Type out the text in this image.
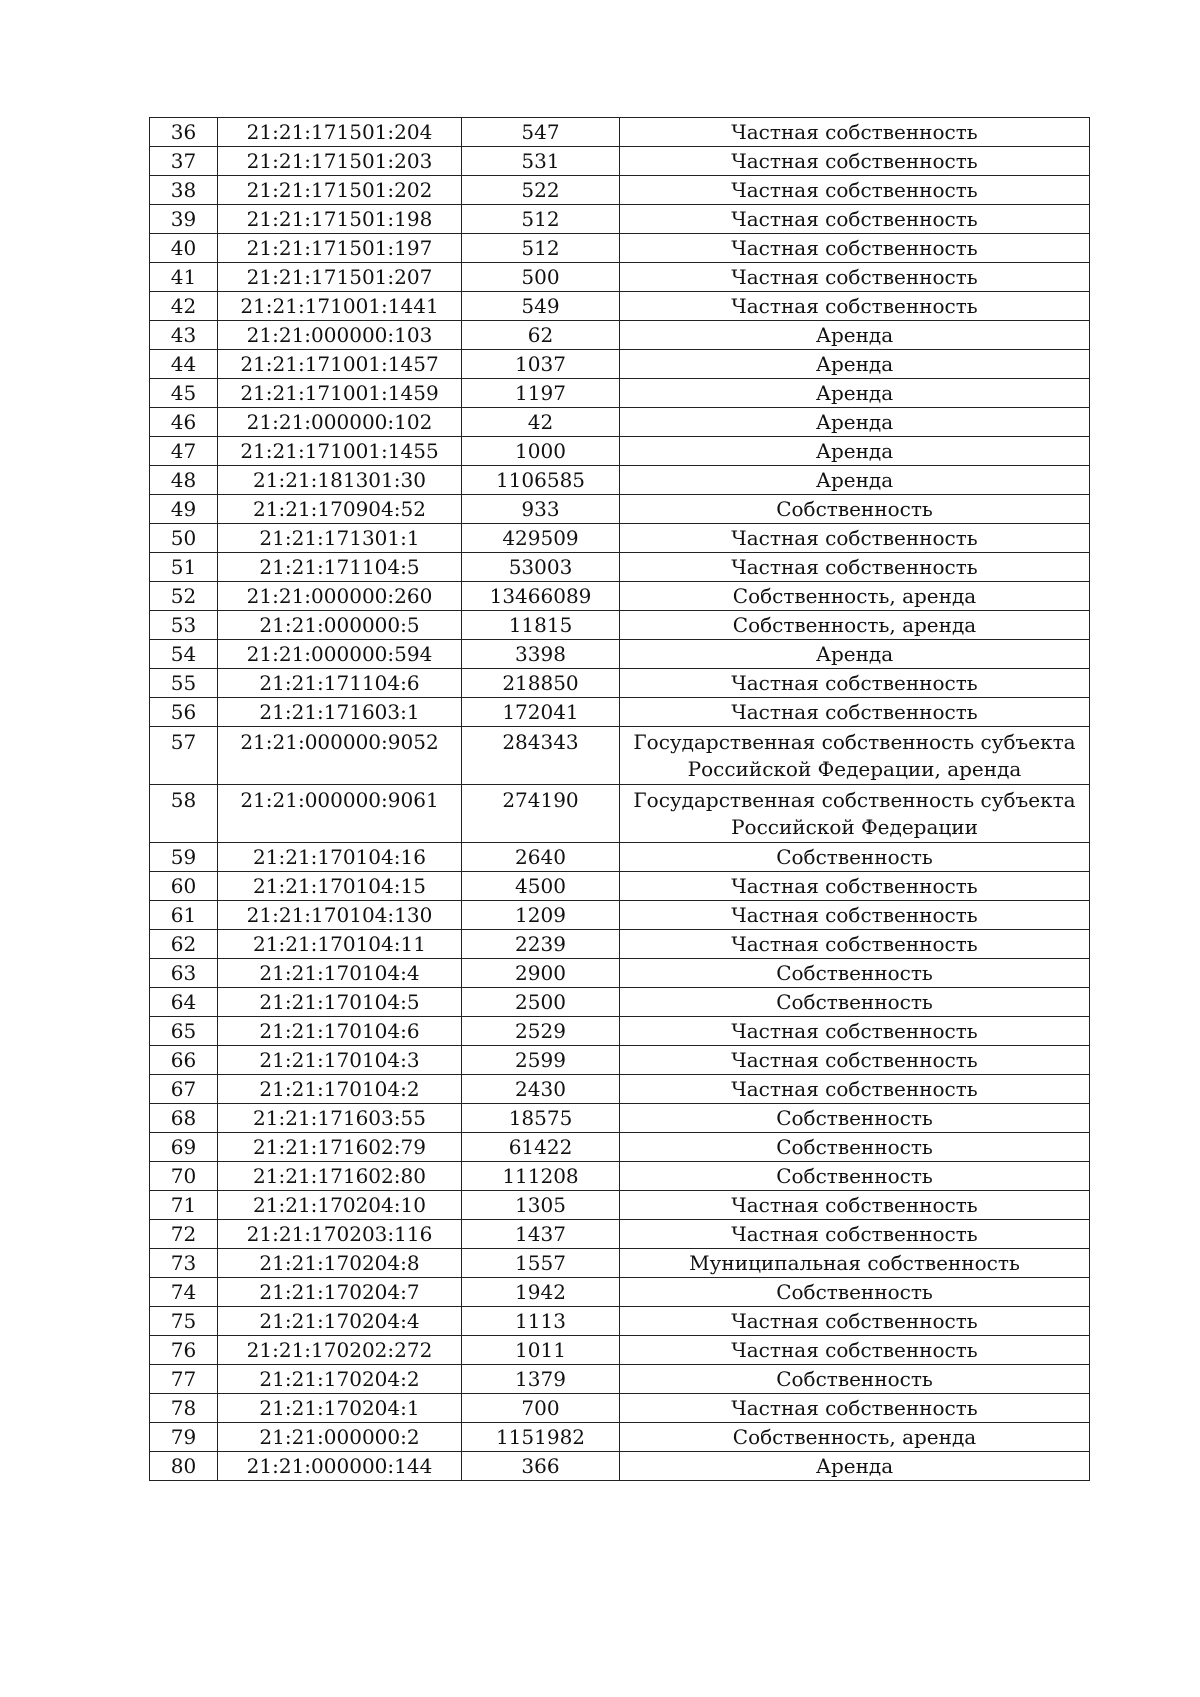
36	21:21:171501:204	547	Частная собственность
37	21:21:171501:203	531	Частная собственность
38	21:21:171501:202	522	Частная собственность
39	21:21:171501:198	512	Частная собственность
40	21:21:171501:197	512	Частная собственность
41	21:21:171501:207	500	Частная собственность
42	21:21:171001:1441	549	Частная собственность
43	21:21:000000:103	62	Аренда
44	21:21:171001:1457	1037	Аренда
45	21:21:171001:1459	1197	Аренда
46	21:21:000000:102	42	Аренда
47	21:21:171001:1455	1000	Аренда
48	21:21:181301:30	1106585	Аренда
49	21:21:170904:52	933	Собственность
50	21:21:171301:1	429509	Частная собственность
51	21:21:171104:5	53003	Частная собственность
52	21:21:000000:260	13466089	Собственность, аренда
53	21:21:000000:5	11815	Собственность, аренда
54	21:21:000000:594	3398	Аренда
55	21:21:171104:6	218850	Частная собственность
56	21:21:171603:1	172041	Частная собственность
57	21:21:000000:9052	284343	Государственная собственность субъекта Российской Федерации, аренда
58	21:21:000000:9061	274190	Государственная собственность субъекта Российской Федерации
59	21:21:170104:16	2640	Собственность
60	21:21:170104:15	4500	Частная собственность
61	21:21:170104:130	1209	Частная собственность
62	21:21:170104:11	2239	Частная собственность
63	21:21:170104:4	2900	Собственность
64	21:21:170104:5	2500	Собственность
65	21:21:170104:6	2529	Частная собственность
66	21:21:170104:3	2599	Частная собственность
67	21:21:170104:2	2430	Частная собственность
68	21:21:171603:55	18575	Собственность
69	21:21:171602:79	61422	Собственность
70	21:21:171602:80	111208	Собственность
71	21:21:170204:10	1305	Частная собственность
72	21:21:170203:116	1437	Частная собственность
73	21:21:170204:8	1557	Муниципальная собственность
74	21:21:170204:7	1942	Собственность
75	21:21:170204:4	1113	Частная собственность
76	21:21:170202:272	1011	Частная собственность
77	21:21:170204:2	1379	Собственность
78	21:21:170204:1	700	Частная собственность
79	21:21:000000:2	1151982	Собственность, аренда
80	21:21:000000:144	366	Аренда
